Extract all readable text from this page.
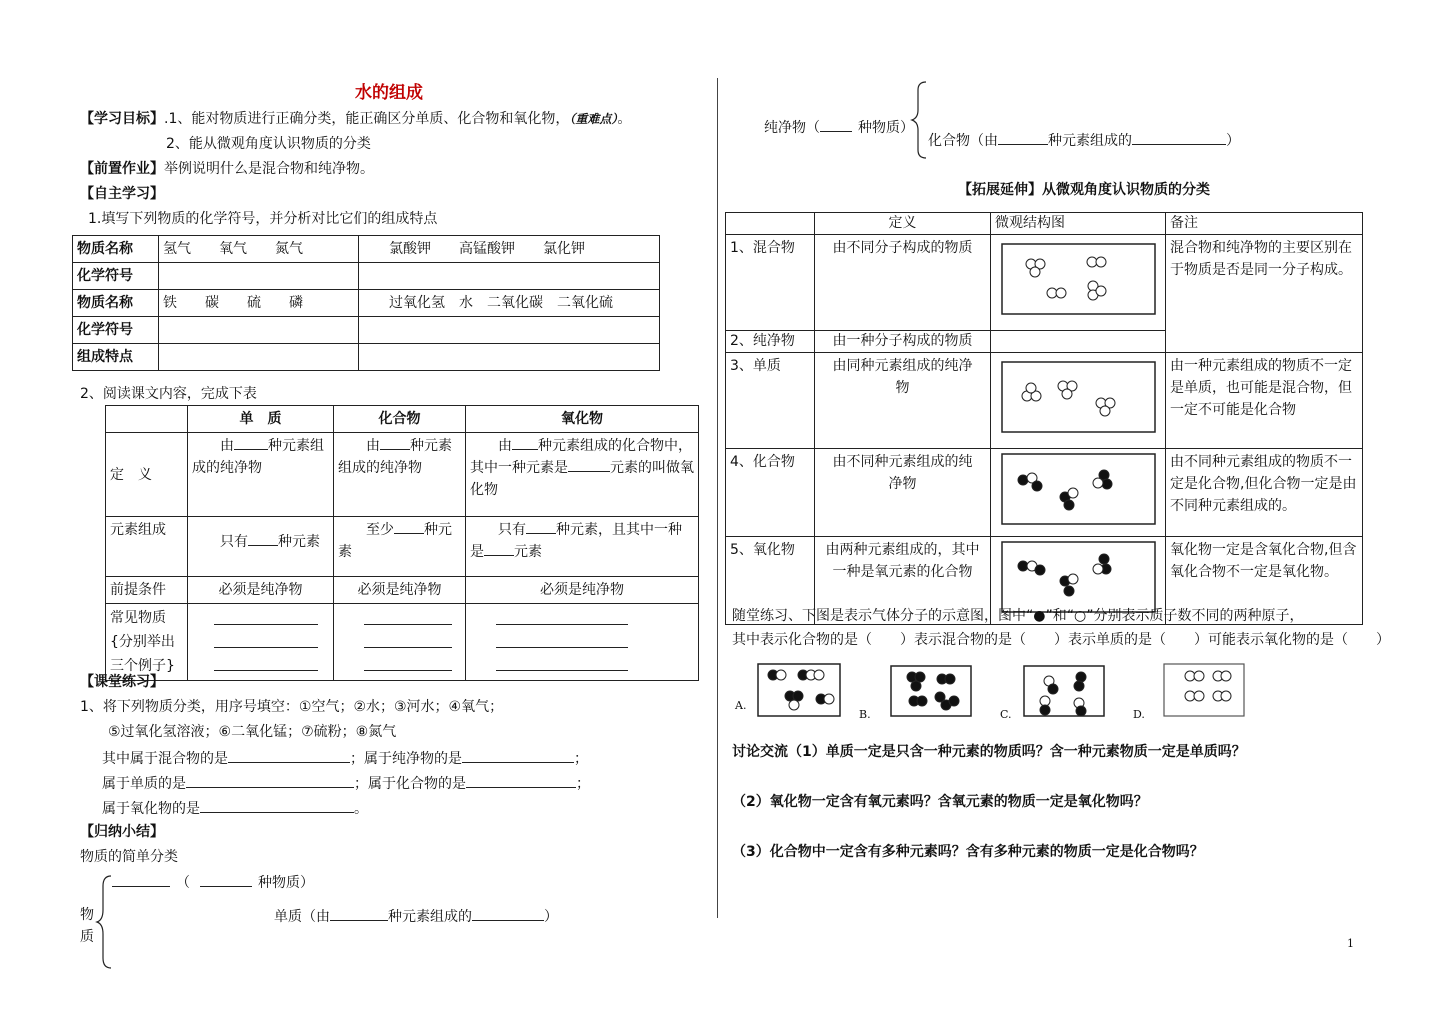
水的组成
【学习目标】.1、能对物质进行正确分类，能正确区分单质、化合物和氧化物，（重难点）。
2、能从微观角度认识物质的分类
【前置作业】举例说明什么是混合物和纯净物。
【自主学习】
1.填写下列物质的化学符号，并分析对比它们的组成特点
物质名称	氢气　　氧气　　氮气	氯酸钾　　高锰酸钾　　氯化钾
化学符号		
物质名称	铁　　碳　　硫　　磷	过氧化氢　水　二氧化碳　二氧化硫
化学符号		
组成特点		
2、阅读课文内容，完成下表
	单　质	化合物	氧化物
定　义	由 种元素组成的纯净物	由 种元素组成的纯净物	由 种元素组成的化合物中，其中一种元素是 元素的叫做氧化物
元素组成	只有 种元素	至少 种元素	只有 种元素，且其中一种是 元素
前提条件	必须是纯净物	必须是纯净物	必须是纯净物
常见物质{分别举出三个例子}	

【课堂练习】
1、将下列物质分类，用序号填空：①空气；②水；③河水；④氧气；
⑤过氧化氢溶液；⑥二氧化锰；⑦硫粉；⑧氮气
其中属于混合物的是	；属于纯净物的是	；
属于单质的是	；属于化合物的是	；
属于氧化物的是	。
【归纳小结】
物质的简单分类
（	种物质）
物
质
单质（由	种元素组成的	）
纯净物（	种物质）
化合物（由	种元素组成的	）
【拓展延伸】从微观角度认识物质的分类
	定义	微观结构图	备注
1、混合物	由不同分子构成的物质		混合物和纯净物的主要区别在于物质是否是同一分子构成。
2、纯净物	由一种分子构成的物质		
3、单质	由同种元素组成的纯净物		由一种元素组成的物质不一定是单质，也可能是混合物，但一定不可能是化合物
4、化合物	由不同种元素组成的纯净物		由不同种元素组成的物质不一定是化合物,但化合物一定是由不同种元素组成的。
5、氧化物	由两种元素组成的，其中一种是氧元素的化合物		氧化物一定是含氧化合物,但含氧化合物不一定是氧化物。
随堂练习、下图是表示气体分子的示意图，图中“●”和“○”分别表示质子数不同的两种原子，
其中表示化合物的是（　　）表示混合物的是（　　）表示单质的是（　　）可能表示氧化物的是（　　）
A.
B.	C.	D.
讨论交流（1）单质一定是只含一种元素的物质吗？含一种元素物质一定是单质吗？
（2）氧化物一定含有氧元素吗？含氧元素的物质一定是氧化物吗？
（3）化合物中一定含有多种元素吗？含有多种元素的物质一定是化合物吗？
1
